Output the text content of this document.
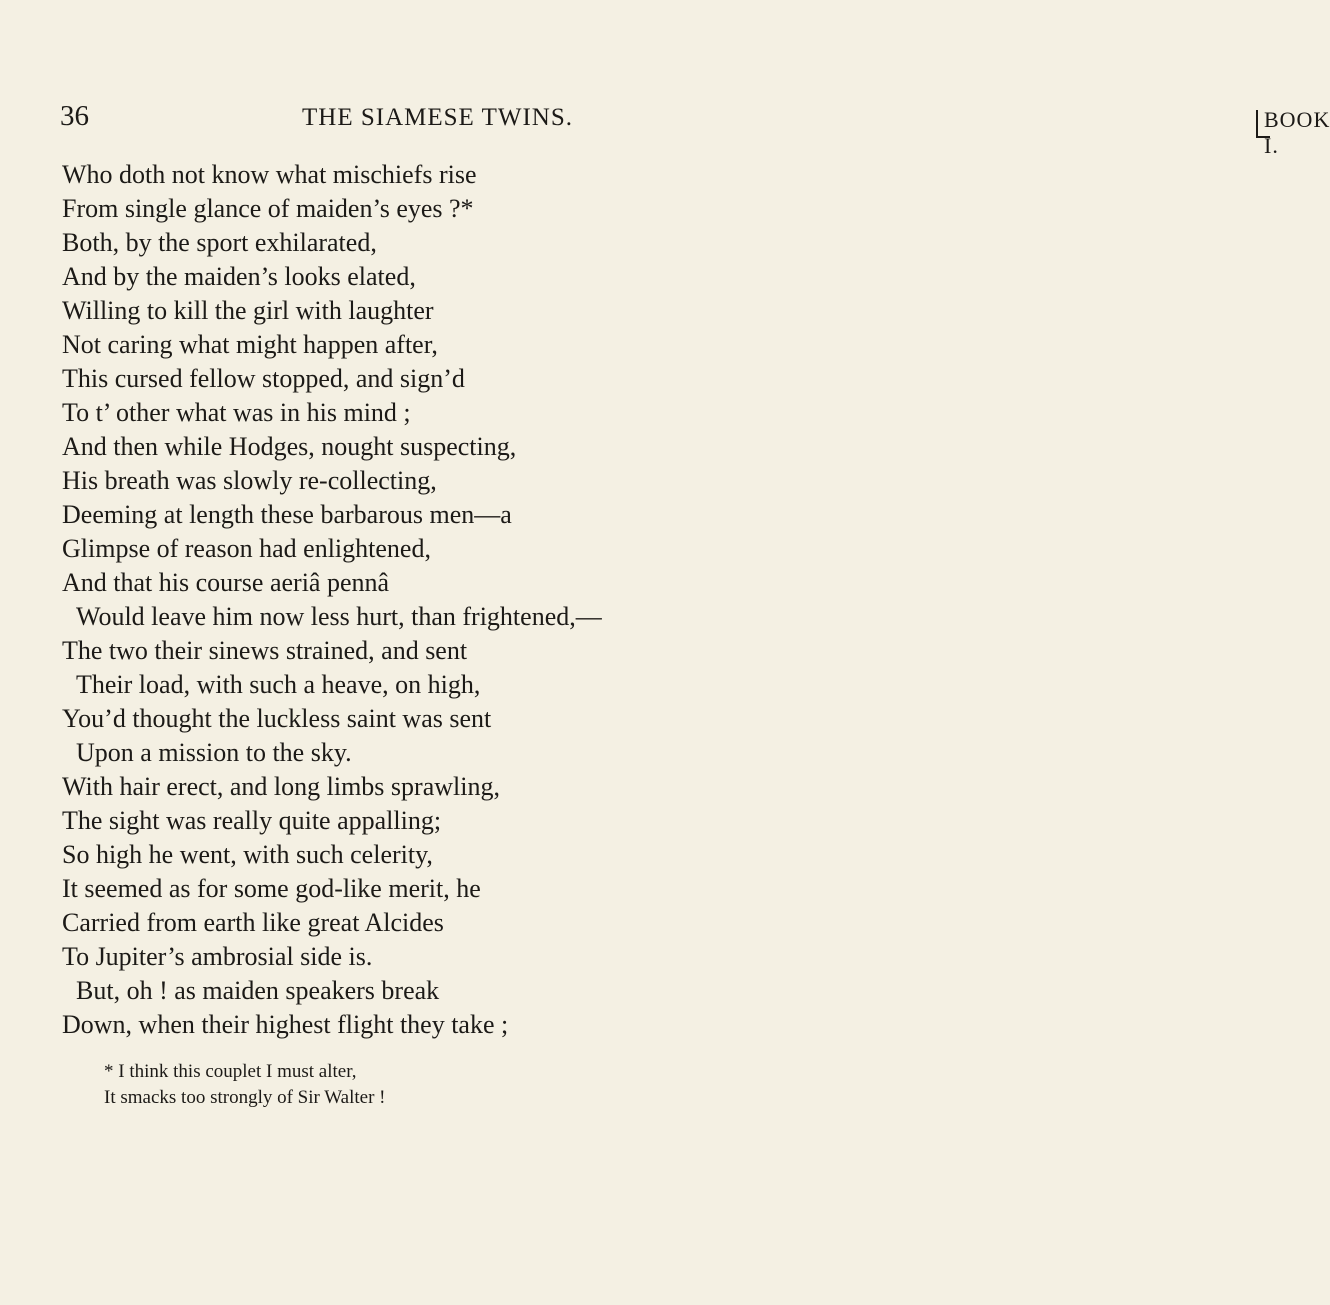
36	THE SIAMESE TWINS.	BOOK I.
Who doth not know what mischiefs rise
From single glance of maiden’s eyes ?*
Both, by the sport exhilarated,
And by the maiden’s looks elated,
Willing to kill the girl with laughter
Not caring what might happen after,
This cursed fellow stopped, and sign’d
To t’ other what was in his mind ;
And then while Hodges, nought suspecting,
His breath was slowly re-collecting,
Deeming at length these barbarous men—a
Glimpse of reason had enlightened,
And that his course aeriâ pennâ
Would leave him now less hurt, than frightened,—
The two their sinews strained, and sent
Their load, with such a heave, on high,
You’d thought the luckless saint was sent
Upon a mission to the sky.
With hair erect, and long limbs sprawling,
The sight was really quite appalling;
So high he went, with such celerity,
It seemed as for some god-like merit, he
Carried from earth like great Alcides
To Jupiter’s ambrosial side is.
But, oh ! as maiden speakers break
Down, when their highest flight they take ;
* I think this couplet I must alter,
It smacks too strongly of Sir Walter !
